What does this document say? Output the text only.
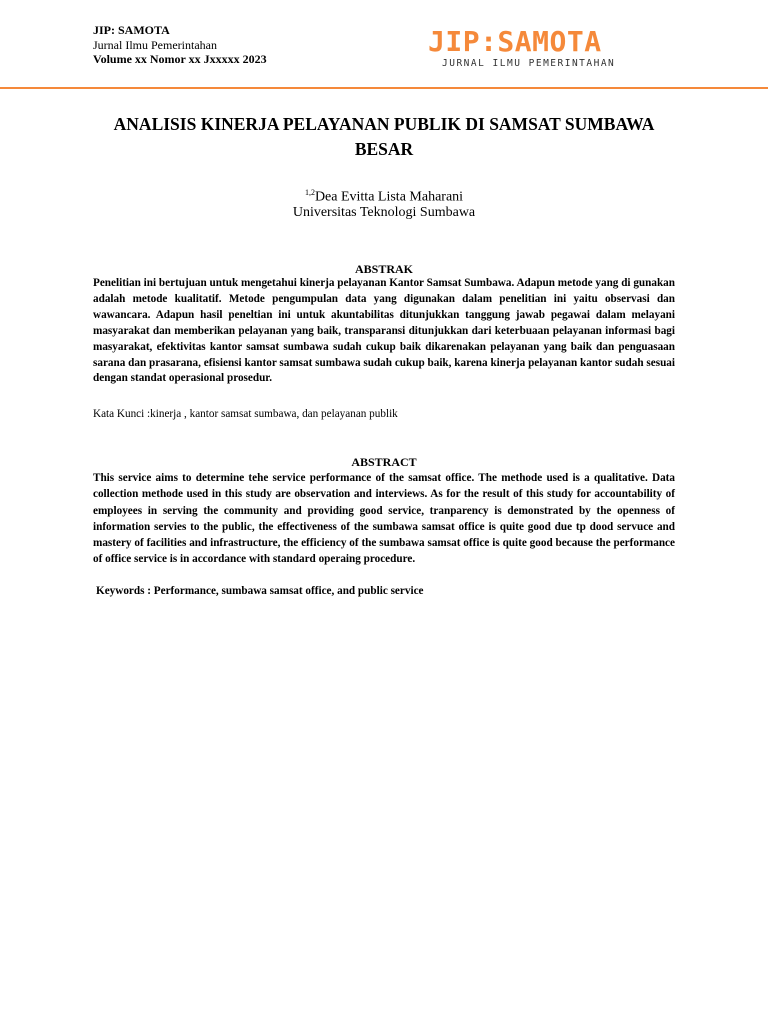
JIP: SAMOTA
Jurnal Ilmu Pemerintahan
Volume xx Nomor xx Jxxxxx 2023
JIP:SAMOTA
JURNAL ILMU PEMERINTAHAN
ANALISIS KINERJA PELAYANAN PUBLIK DI SAMSAT SUMBAWA BESAR
$^{1,2}$Dea Evitta Lista Maharani
Universitas Teknologi Sumbawa
ABSTRAK
Penelitian ini bertujuan untuk mengetahui kinerja pelayanan Kantor Samsat Sumbawa. Adapun metode yang di gunakan adalah metode kualitatif. Metode pengumpulan data yang digunakan dalam penelitian ini yaitu observasi dan wawancara. Adapun hasil peneltian ini untuk akuntabilitas ditunjukkan tanggung jawab pegawai dalam melayani masyarakat dan memberikan pelayanan yang baik, transparansi ditunjukkan dari keterbuaan pelayanan informasi bagi masyarakat, efektivitas kantor samsat sumbawa sudah cukup baik dikarenakan pelayanan yang baik dan penguasaan sarana dan prasarana, efisiensi kantor samsat sumbawa sudah cukup baik, karena kinerja pelayanan kantor sudah sesuai dengan standat operasional prosedur.
Kata Kunci :kinerja , kantor samsat sumbawa, dan pelayanan publik
ABSTRACT
This service aims to determine tehe service performance of the samsat office. The methode used is a qualitative. Data collection methode used in this study are observation and interviews. As for the result of this study for accountability of employees in serving the community and providing good service, tranparency is demonstrated by the openness of information servies to the public, the effectiveness of the sumbawa samsat office is quite good due tp dood servuce and mastery of facilities and infrastructure, the efficiency of the sumbawa samsat office is quite good because the performance of office service is in accordance with standard operaing procedure.
Keywords : Performance, sumbawa samsat office, and public service
